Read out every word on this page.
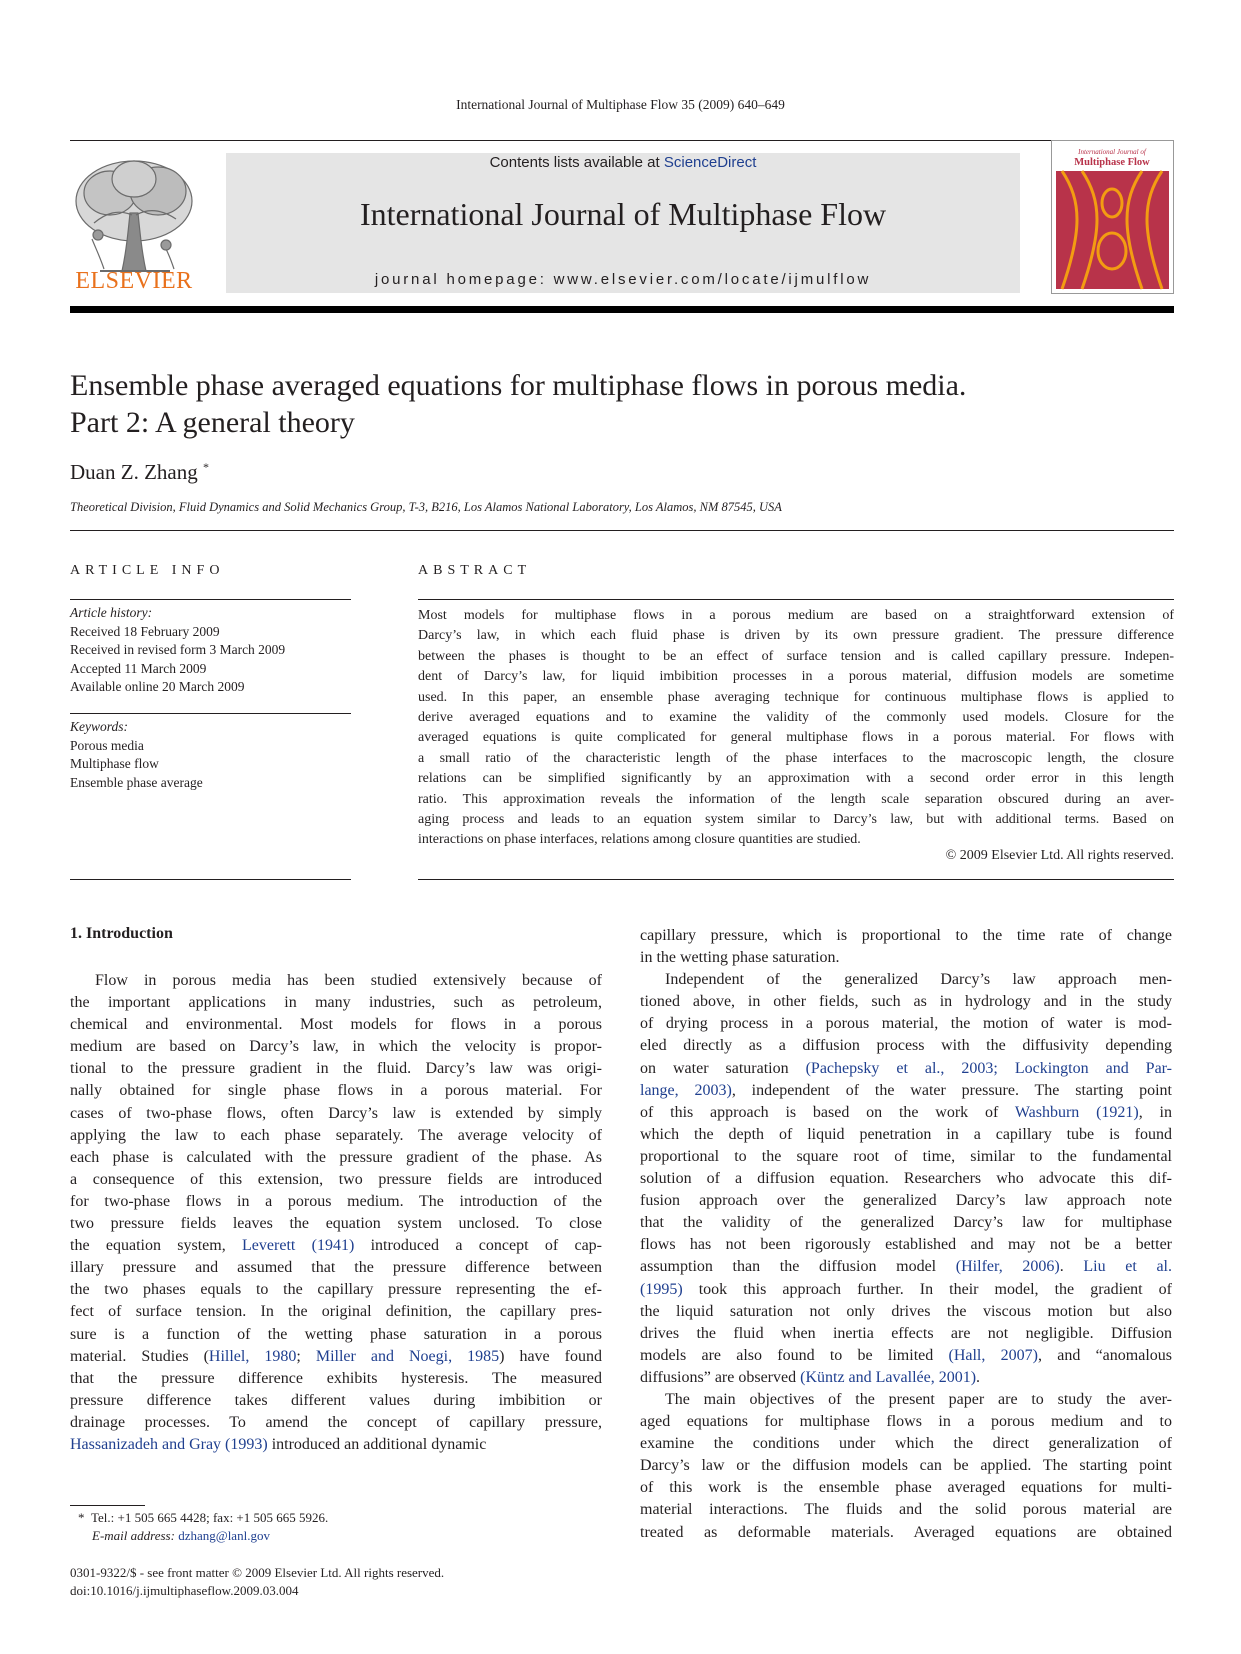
International Journal of Multiphase Flow 35 (2009) 640–649
ELSEVIER
Contents lists available at ScienceDirect
International Journal of Multiphase Flow
journal homepage: www.elsevier.com/locate/ijmulflow
International Journal of
Multiphase Flow
Ensemble phase averaged equations for multiphase flows in porous media.
Part 2: A general theory
Duan Z. Zhang *
Theoretical Division, Fluid Dynamics and Solid Mechanics Group, T-3, B216, Los Alamos National Laboratory, Los Alamos, NM 87545, USA
ARTICLE INFO	ABSTRACT
Article history:
Received 18 February 2009
Received in revised form 3 March 2009
Accepted 11 March 2009
Available online 20 March 2009
Keywords:
Porous media
Multiphase flow
Ensemble phase average
Most models for multiphase flows in a porous medium are based on a straightforward extension of
Darcy’s law, in which each fluid phase is driven by its own pressure gradient. The pressure difference
between the phases is thought to be an effect of surface tension and is called capillary pressure. Indepen-
dent of Darcy’s law, for liquid imbibition processes in a porous material, diffusion models are sometime
used. In this paper, an ensemble phase averaging technique for continuous multiphase flows is applied to
derive averaged equations and to examine the validity of the commonly used models. Closure for the
averaged equations is quite complicated for general multiphase flows in a porous material. For flows with
a small ratio of the characteristic length of the phase interfaces to the macroscopic length, the closure
relations can be simplified significantly by an approximation with a second order error in this length
ratio. This approximation reveals the information of the length scale separation obscured during an aver-
aging process and leads to an equation system similar to Darcy’s law, but with additional terms. Based on
interactions on phase interfaces, relations among closure quantities are studied.
© 2009 Elsevier Ltd. All rights reserved.
1. Introduction
Flow in porous media has been studied extensively because of
the important applications in many industries, such as petroleum,
chemical and environmental. Most models for flows in a porous
medium are based on Darcy’s law, in which the velocity is propor-
tional to the pressure gradient in the fluid. Darcy’s law was origi-
nally obtained for single phase flows in a porous material. For
cases of two-phase flows, often Darcy’s law is extended by simply
applying the law to each phase separately. The average velocity of
each phase is calculated with the pressure gradient of the phase. As
a consequence of this extension, two pressure fields are introduced
for two-phase flows in a porous medium. The introduction of the
two pressure fields leaves the equation system unclosed. To close
the equation system, Leverett (1941) introduced a concept of cap-
illary pressure and assumed that the pressure difference between
the two phases equals to the capillary pressure representing the ef-
fect of surface tension. In the original definition, the capillary pres-
sure is a function of the wetting phase saturation in a porous
material. Studies (Hillel, 1980; Miller and Noegi, 1985) have found
that the pressure difference exhibits hysteresis. The measured
pressure difference takes different values during imbibition or
drainage processes. To amend the concept of capillary pressure,
Hassanizadeh and Gray (1993) introduced an additional dynamic
capillary pressure, which is proportional to the time rate of change
in the wetting phase saturation.
Independent of the generalized Darcy’s law approach men-
tioned above, in other fields, such as in hydrology and in the study
of drying process in a porous material, the motion of water is mod-
eled directly as a diffusion process with the diffusivity depending
on water saturation (Pachepsky et al., 2003; Lockington and Par-
lange, 2003), independent of the water pressure. The starting point
of this approach is based on the work of Washburn (1921), in
which the depth of liquid penetration in a capillary tube is found
proportional to the square root of time, similar to the fundamental
solution of a diffusion equation. Researchers who advocate this dif-
fusion approach over the generalized Darcy’s law approach note
that the validity of the generalized Darcy’s law for multiphase
flows has not been rigorously established and may not be a better
assumption than the diffusion model (Hilfer, 2006). Liu et al.
(1995) took this approach further. In their model, the gradient of
the liquid saturation not only drives the viscous motion but also
drives the fluid when inertia effects are not negligible. Diffusion
models are also found to be limited (Hall, 2007), and “anomalous
diffusions” are observed (Küntz and Lavallée, 2001).
The main objectives of the present paper are to study the aver-
aged equations for multiphase flows in a porous medium and to
examine the conditions under which the direct generalization of
Darcy’s law or the diffusion models can be applied. The starting point
of this work is the ensemble phase averaged equations for multi-
material interactions. The fluids and the solid porous material are
treated as deformable materials. Averaged equations are obtained
* Tel.: +1 505 665 4428; fax: +1 505 665 5926.
E-mail address: dzhang@lanl.gov
0301-9322/$ - see front matter © 2009 Elsevier Ltd. All rights reserved.
doi:10.1016/j.ijmultiphaseflow.2009.03.004
